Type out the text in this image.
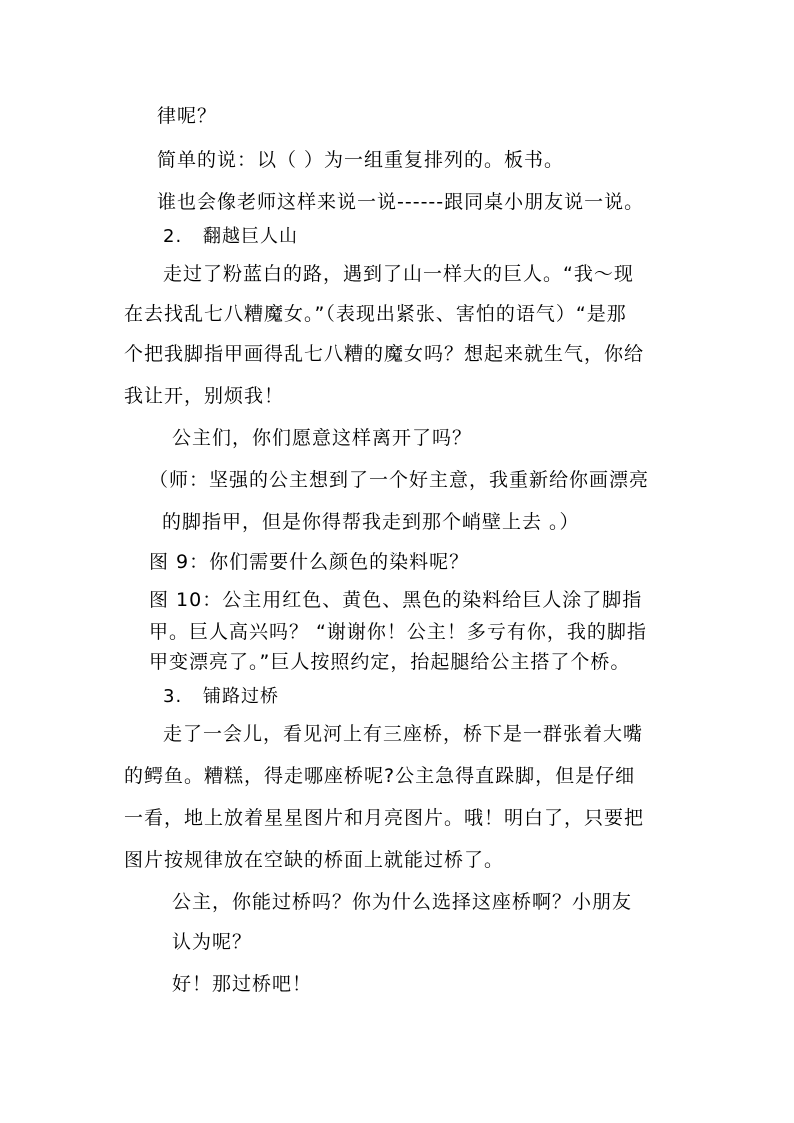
律呢？
简单的说：以（ ）为一组重复排列的。板书。
谁也会像老师这样来说一说------跟同桌小朋友说一说。
2. 翻越巨人山
走过了粉蓝白的路，遇到了山一样大的巨人。“我～现
在去找乱七八糟魔女。”（表现出紧张、害怕的语气）“是那
个把我脚指甲画得乱七八糟的魔女吗？想起来就生气，你给
我让开，别烦我！
公主们，你们愿意这样离开了吗？
（师：坚强的公主想到了一个好主意，我重新给你画漂亮
的脚指甲，但是你得帮我走到那个峭壁上去 。）
图 9：你们需要什么颜色的染料呢？
图 10：公主用红色、黄色、黑色的染料给巨人涂了脚指
甲。巨人高兴吗？ “谢谢你！公主！多亏有你，我的脚指
甲变漂亮了。”巨人按照约定，抬起腿给公主搭了个桥。
3. 铺路过桥
走了一会儿，看见河上有三座桥，桥下是一群张着大嘴
的鳄鱼。糟糕，得走哪座桥呢?公主急得直跺脚，但是仔细
一看，地上放着星星图片和月亮图片。哦！明白了，只要把
图片按规律放在空缺的桥面上就能过桥了。
公主，你能过桥吗？你为什么选择这座桥啊？小朋友
认为呢？
好！那过桥吧！
